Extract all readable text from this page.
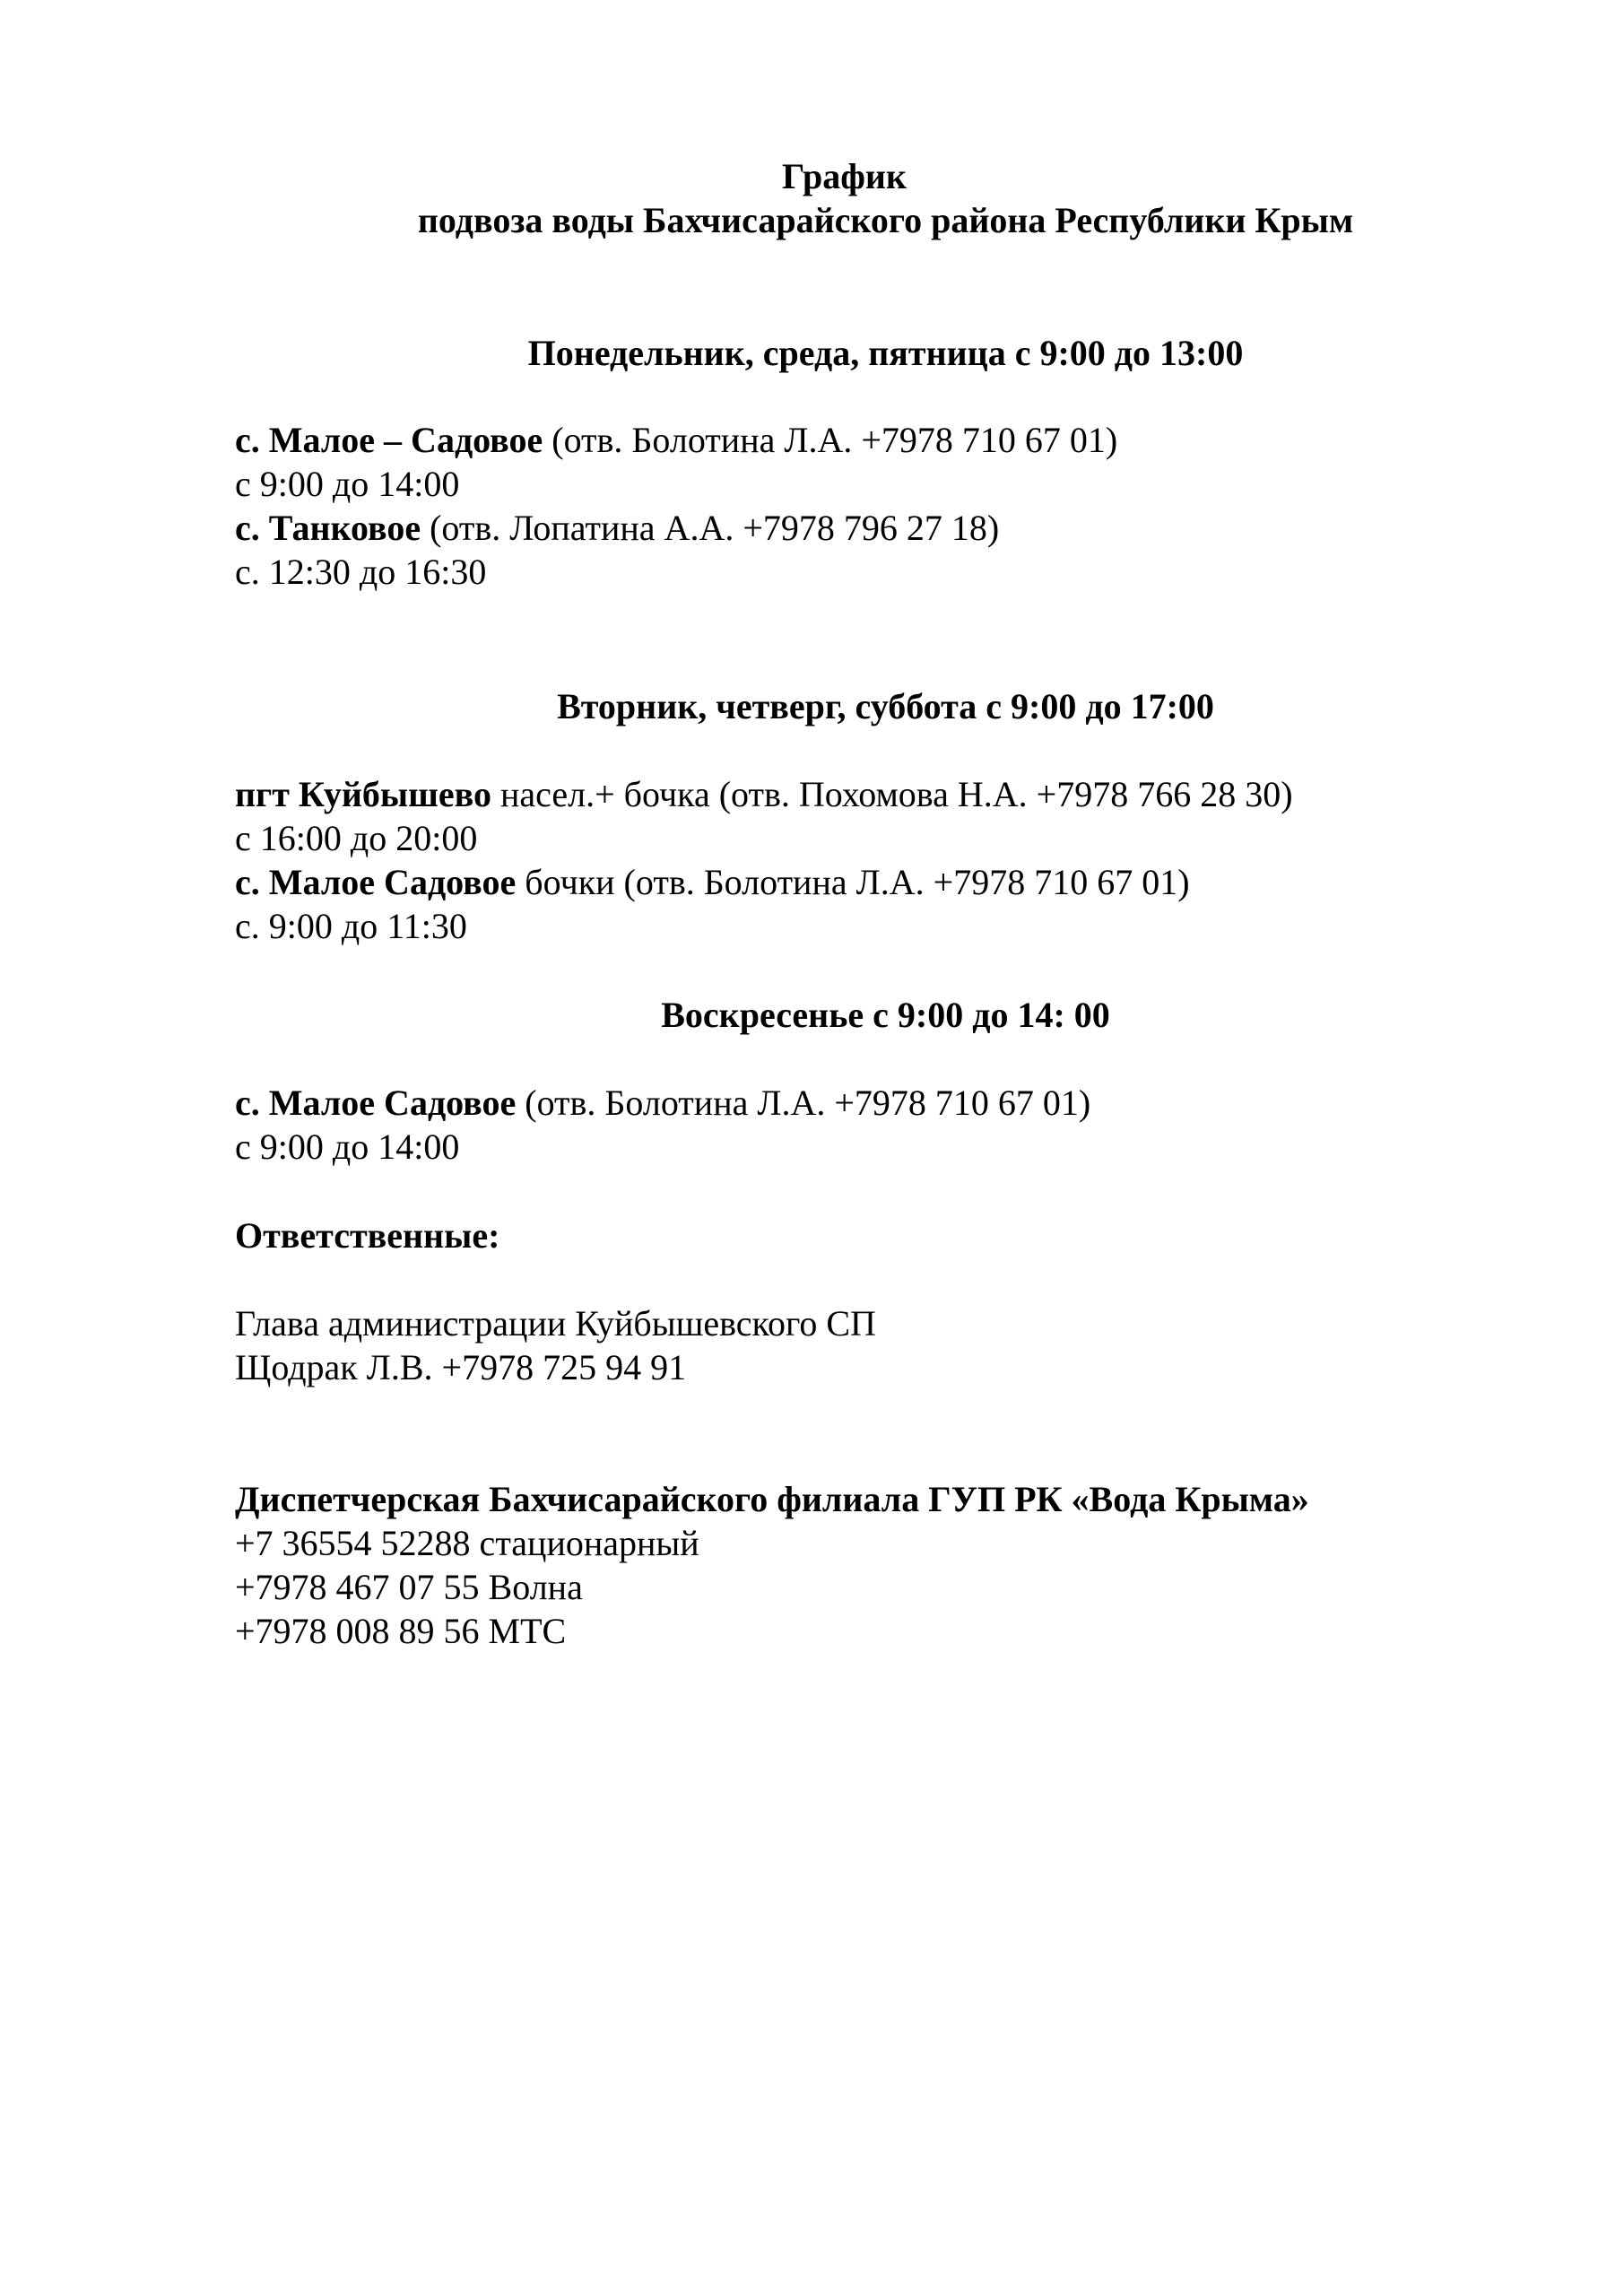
График
подвоза воды Бахчисарайского района Республики Крым
Понедельник, среда, пятница с 9:00 до 13:00
с. Малое – Садовое (отв. Болотина Л.А. +7978 710 67 01)
с 9:00 до 14:00
с. Танковое (отв. Лопатина А.А. +7978 796 27 18)
с. 12:30 до 16:30
Вторник, четверг, суббота с 9:00 до 17:00
пгт Куйбышево насел.+ бочка (отв. Похомова Н.А. +7978 766 28 30)
с 16:00 до 20:00
с. Малое Садовое бочки (отв. Болотина Л.А. +7978 710 67 01)
с. 9:00 до 11:30
Воскресенье с 9:00 до 14: 00
с. Малое Садовое (отв. Болотина Л.А. +7978 710 67 01)
с 9:00 до 14:00
Ответственные:
Глава администрации Куйбышевского СП
Щодрак Л.В. +7978 725 94 91
Диспетчерская Бахчисарайского филиала ГУП РК «Вода Крыма»
+7 36554 52288 стационарный
+7978 467 07 55 Волна
+7978 008 89 56 МТС
